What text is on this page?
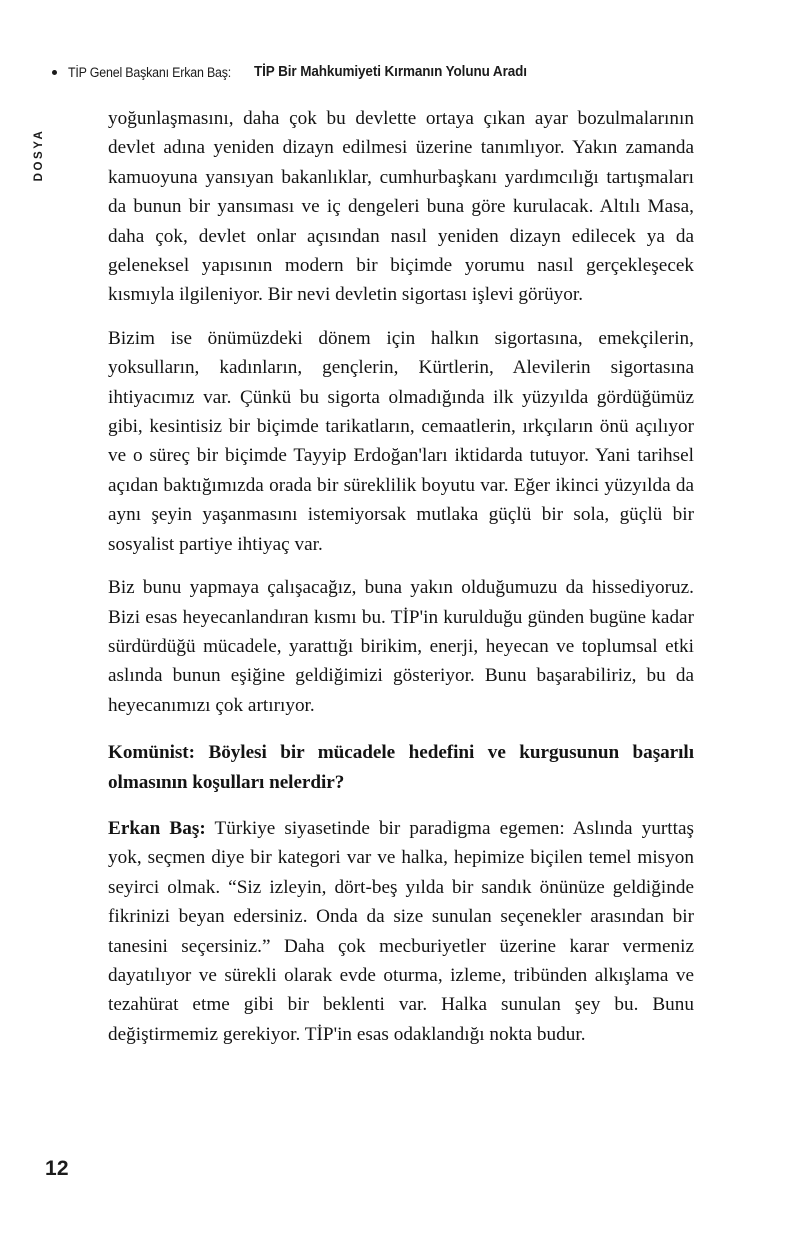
TİP Genel Başkanı Erkan Baş: TİP Bir Mahkumiyeti Kırmanın Yolunu Aradı
DOSYA

yoğunlaşmasını, daha çok bu devlette ortaya çıkan ayar bozulmalarının devlet adına yeniden dizayn edilmesi üzerine tanımlıyor. Yakın zamanda kamuoyuna yansıyan bakanlıklar, cumhurbaşkanı yardımcılığı tartışmaları da bunun bir yansıması ve iç dengeleri buna göre kurulacak. Altılı Masa, daha çok, devlet onlar açısından nasıl yeniden dizayn edilecek ya da geleneksel yapısının modern bir biçimde yorumu nasıl gerçekleşecek kısmıyla ilgileniyor. Bir nevi devletin sigortası işlevi görüyor.

Bizim ise önümüzdeki dönem için halkın sigortasına, emekçilerin, yoksulların, kadınların, gençlerin, Kürtlerin, Alevilerin sigortasına ihtiyacımız var. Çünkü bu sigorta olmadığında ilk yüzyılda gördüğümüz gibi, kesintisiz bir biçimde tarikatların, cemaatlerin, ırkçıların önü açılıyor ve o süreç bir biçimde Tayyip Erdoğan'ları iktidarda tutuyor. Yani tarihsel açıdan baktığımızda orada bir süreklilik boyutu var. Eğer ikinci yüzyılda da aynı şeyin yaşanmasını istemiyorsak mutlaka güçlü bir sola, güçlü bir sosyalist partiye ihtiyaç var.

Biz bunu yapmaya çalışacağız, buna yakın olduğumuzu da hissediyoruz. Bizi esas heyecanlandıran kısmı bu. TİP'in kurulduğu günden bugüne kadar sürdürdüğü mücadele, yarattığı birikim, enerji, heyecan ve toplumsal etki aslında bunun eşiğine geldiğimizi gösteriyor. Bunu başarabiliriz, bu da heyecanımızı çok artırıyor.

Komünist: Böylesi bir mücadele hedefini ve kurgusunun başarılı olmasının koşulları nelerdir?

Erkan Baş: Türkiye siyasetinde bir paradigma egemen: Aslında yurttaş yok, seçmen diye bir kategori var ve halka, hepimize biçilen temel misyon seyirci olmak. “Siz izleyin, dört-beş yılda bir sandık önünüze geldiğinde fikrinizi beyan edersiniz. Onda da size sunulan seçenekler arasından bir tanesini seçersiniz.” Daha çok mecburiyetler üzerine karar vermeniz dayatılıyor ve sürekli olarak evde oturma, izleme, tribünden alkışlama ve tezahürat etme gibi bir beklenti var. Halka sunulan şey bu. Bunu değiştirmemiz gerekiyor. TİP'in esas odaklandığı nokta budur.

12
